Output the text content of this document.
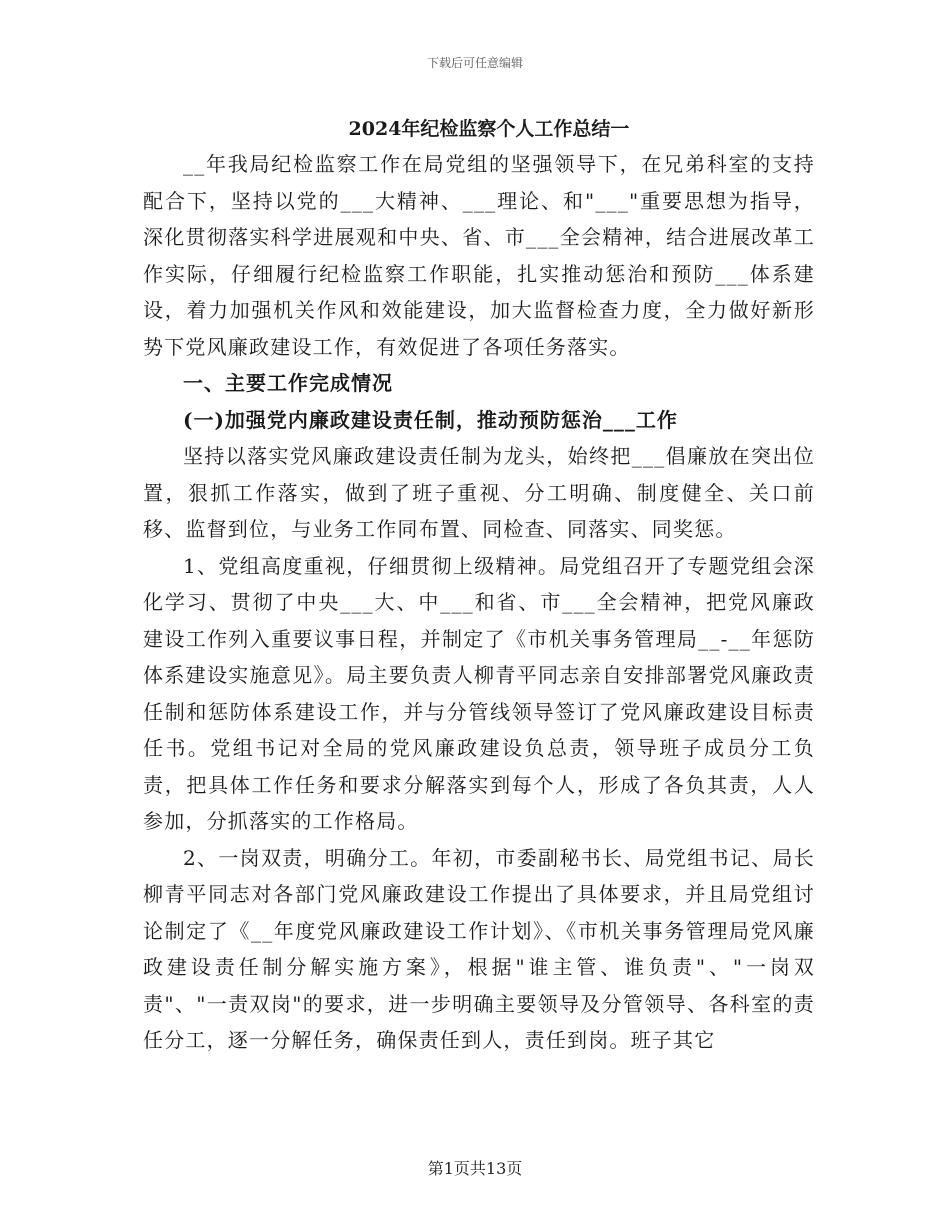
下载后可任意编辑
2024年纪检监察个人工作总结一

__年我局纪检监察工作在局党组的坚强领导下，在兄弟科室的支持配合下，坚持以党的___大精神、___理论、和"___"重要思想为指导，深化贯彻落实科学进展观和中央、省、市___全会精神，结合进展改革工作实际，仔细履行纪检监察工作职能，扎实推动惩治和预防___体系建设，着力加强机关作风和效能建设，加大监督检查力度，全力做好新形势下党风廉政建设工作，有效促进了各项任务落实。

一、主要工作完成情况

(一)加强党内廉政建设责任制，推动预防惩治___工作

坚持以落实党风廉政建设责任制为龙头，始终把___倡廉放在突出位置，狠抓工作落实，做到了班子重视、分工明确、制度健全、关口前移、监督到位，与业务工作同布置、同检查、同落实、同奖惩。

1、党组高度重视，仔细贯彻上级精神。局党组召开了专题党组会深化学习、贯彻了中央___大、中___和省、市___全会精神，把党风廉政建设工作列入重要议事日程，并制定了《市机关事务管理局__-__年惩防体系建设实施意见》。局主要负责人柳青平同志亲自安排部署党风廉政责任制和惩防体系建设工作，并与分管线领导签订了党风廉政建设目标责任书。党组书记对全局的党风廉政建设负总责，领导班子成员分工负责，把具体工作任务和要求分解落实到每个人，形成了各负其责，人人参加，分抓落实的工作格局。

2、一岗双责，明确分工。年初，市委副秘书长、局党组书记、局长柳青平同志对各部门党风廉政建设工作提出了具体要求，并且局党组讨论制定了《__年度党风廉政建设工作计划》、《市机关事务管理局党风廉政建设责任制分解实施方案》，根据"谁主管、谁负责"、"一岗双责"、"一责双岗"的要求，进一步明确主要领导及分管领导、各科室的责任分工，逐一分解任务，确保责任到人，责任到岗。班子其它

第1页共13页
